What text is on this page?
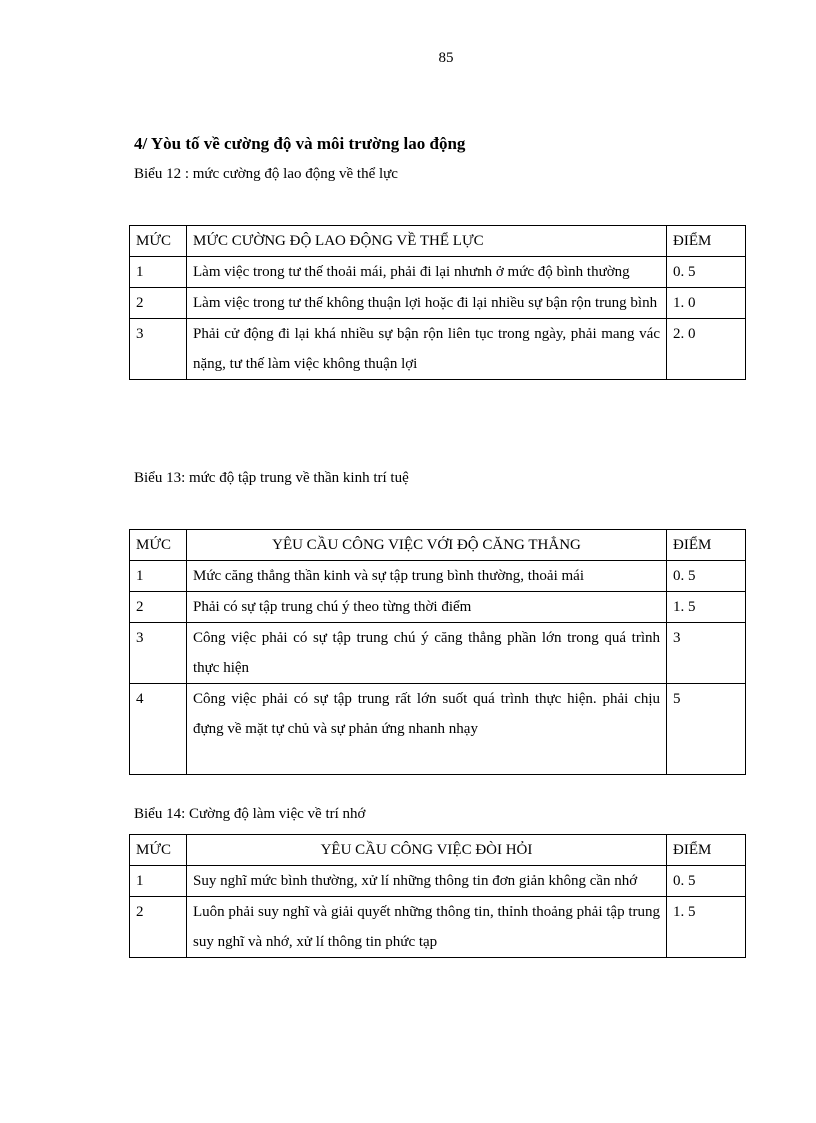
85
4/ Yòu tố về cường độ và môi trường lao động
Biểu 12 : mức cường độ lao động về thể lực
MỨC	MỨC CƯỜNG ĐỘ LAO ĐỘNG VỀ THỂ LỰC	ĐIỂM
1	Làm việc trong tư thế thoải mái, phải đi lại nhưnh ở mức độ bình thường	0. 5
2	Làm việc trong tư thế không thuận lợi hoặc đi lại nhiều sự bận rộn trung bình	1. 0
3	Phải cử động đi lại khá nhiều sự bận rộn liên tục trong ngày, phải mang vác nặng, tư thế làm việc không thuận lợi	2. 0
Biểu 13: mức độ tập trung về thần kinh trí tuệ
MỨC	YÊU CẦU CÔNG VIỆC VỚI ĐỘ CĂNG THẲNG	ĐIỂM
1	Mức căng thẳng thần kinh và sự tập trung bình thường, thoải mái	0. 5
2	Phải có sự tập trung chú ý theo từng thời điểm	1. 5
3	Công việc phải có sự tập trung chú ý căng thẳng phần lớn trong quá trình thực hiện	3
4	Công việc phải có sự tập trung rất lớn suốt quá trình thực hiện. phải chịu đựng về mặt tự chủ và sự phản ứng nhanh nhạy	5
Biểu 14: Cường độ làm việc về trí nhớ
MỨC	YÊU CẦU CÔNG VIỆC ĐÒI HỎI	ĐIỂM
1	Suy nghĩ mức bình thường, xử lí những thông tin đơn giản không cần nhớ	0. 5
2	Luôn phải suy nghĩ và giải quyết những thông tin, thỉnh thoảng phải tập trung suy nghĩ và nhớ, xử lí thông tin phức tạp	1. 5
